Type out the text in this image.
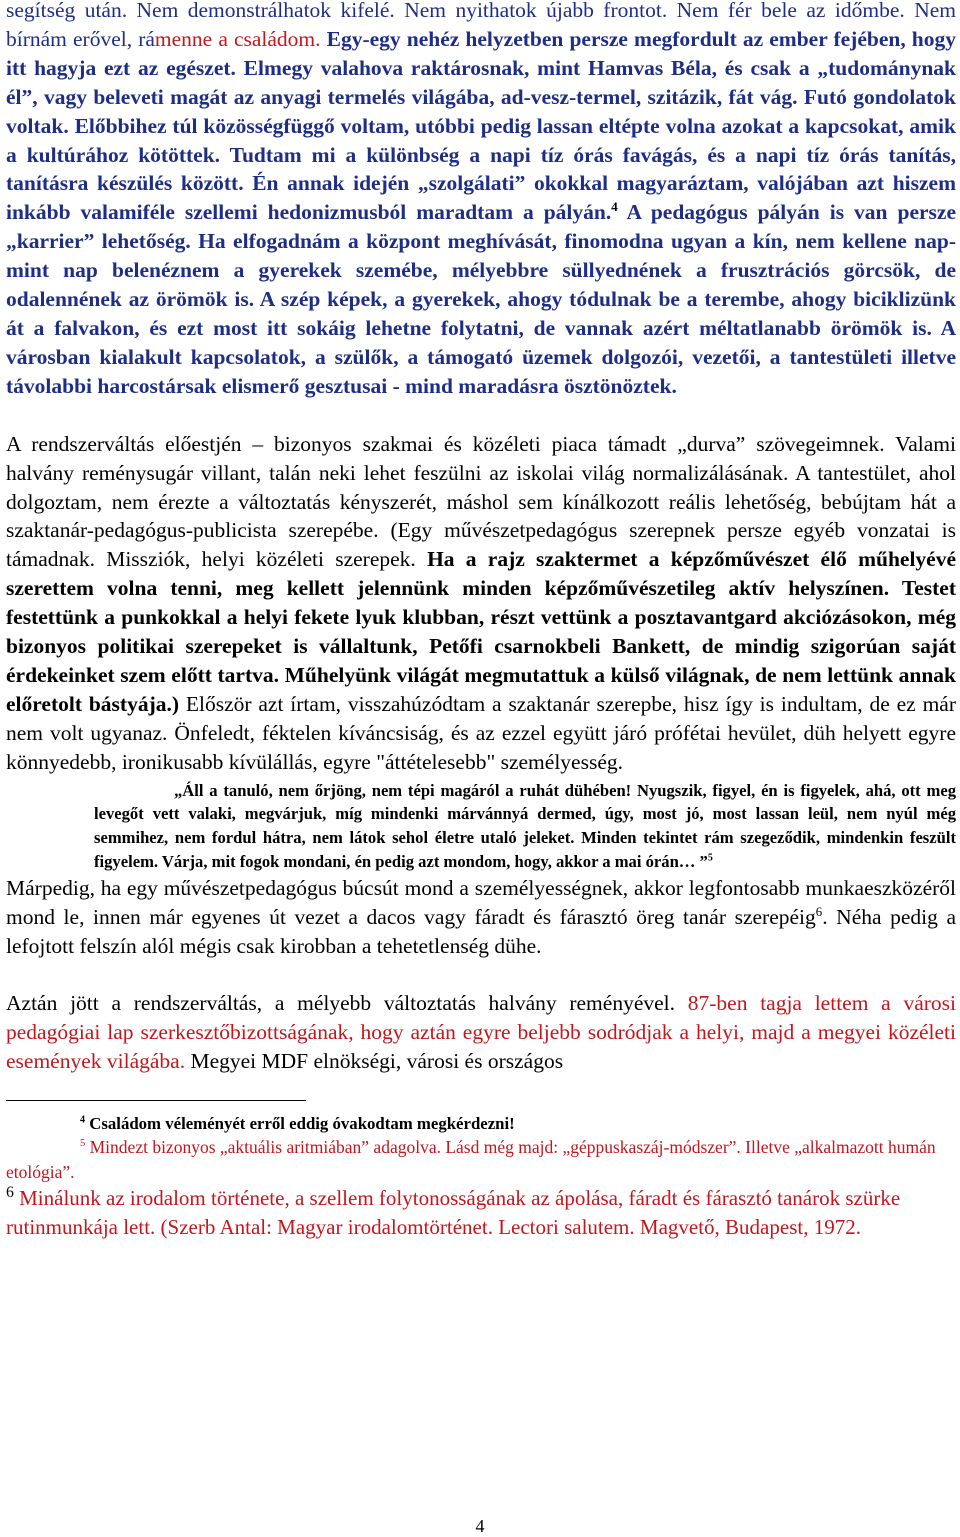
segítség után. Nem demonstrálhatok kifelé. Nem nyithatok újabb frontot. Nem fér bele az időmbe. Nem bírnám erővel, rámenne a családom. Egy-egy nehéz helyzetben persze megfordult az ember fejében, hogy itt hagyja ezt az egészet. Elmegy valahova raktárosnak, mint Hamvas Béla, és csak a „tudománynak él”, vagy beleveti magát az anyagi termelés világába, ad-vesz-termel, szitázik, fát vág. Futó gondolatok voltak. Előbbihez túl közösségfüggő voltam, utóbbi pedig lassan eltépte volna azokat a kapcsokat, amik a kultúrához kötöttek. Tudtam mi a különbség a napi tíz órás favágás, és a napi tíz órás tanítás, tanításra készülés között. Én annak idején „szolgálati” okokkal magyaráztam, valójában azt hiszem inkább valamiféle szellemi hedonizmusból maradtam a pályán.$^4$ A pedagógus pályán is van persze „karrier” lehetőség. Ha elfogadnám a központ meghívását, finomodna ugyan a kín, nem kellene nap-mint nap belenéznem a gyerekek szemébe, mélyebbre süllyednének a frusztrációs görcsök, de odalennének az örömök is. A szép képek, a gyerekek, ahogy tódulnak be a terembe, ahogy biciklizünk át a falvakon, és ezt most itt sokáig lehetne folytatni, de vannak azért méltatlanabb örömök is. A városban kialakult kapcsolatok, a szülők, a támogató üzemek dolgozói, vezetői, a tantestületi illetve távolabbi harcostársak elismerő gesztusai - mind maradásra ösztönöztek.

A rendszerváltás előestjén – bizonyos szakmai és közéleti piaca támadt „durva” szövegeimnek. Valami halvány reménysugár villant, talán neki lehet feszülni az iskolai világ normalizálásának. A tantestület, ahol dolgoztam, nem érezte a változtatás kényszerét, máshol sem kínálkozott reális lehetőség, bebújtam hát a szaktanár-pedagógus-publicista szerepébe. (Egy művészetpedagógus szerepnek persze egyéb vonzatai is támadnak. Missziók, helyi közéleti szerepek. Ha a rajz szaktermet a képzőművészet élő műhelyévé szerettem volna tenni, meg kellett jelennünk minden képzőművészetileg aktív helyszínen. Testet festettünk a punkokkal a helyi fekete lyuk klubban, részt vettünk a posztavantgard akciózásokon, még bizonyos politikai szerepeket is vállaltunk, Petőfi csarnokbeli Bankett, de mindig szigorúan saját érdekeinket szem előtt tartva. Műhelyünk világát megmutattuk a külső világnak, de nem lettünk annak előretolt bástyája.) Először azt írtam, visszahúzódtam a szaktanár szerepbe, hisz így is indultam, de ez már nem volt ugyanaz. Önfeledt, féktelen kíváncsiság, és az ezzel együtt járó prófétai hevület, düh helyett egyre könnyedebb, ironikusabb kívülállás, egyre "áttételesebb" személyesség.

„Áll a tanuló, nem őrjöng, nem tépi magáról a ruhát dühében! Nyugszik, figyel, én is figyelek, ahá, ott meg levegőt vett valaki, megvárjuk, míg mindenki márvánnyá dermed, úgy, most jó, most lassan leül, nem nyúl még semmihez, nem fordul hátra, nem látok sehol életre utaló jeleket. Minden tekintet rám szegeződik, mindenkin feszült figyelem. Várja, mit fogok mondani, én pedig azt mondom, hogy, akkor a mai órán… ”$^5$

Márpedig, ha egy művészetpedagógus búcsút mond a személyességnek, akkor legfontosabb munkaeszközéről mond le, innen már egyenes út vezet a dacos vagy fáradt és fárasztó öreg tanár szerepéig$^6$. Néha pedig a lefojtott felszín alól mégis csak kirobban a tehetetlenség dühe.

Aztán jött a rendszerváltás, a mélyebb változtatás halvány reményével. 87-ben tagja lettem a városi pedagógiai lap szerkesztőbizottságának, hogy aztán egyre beljebb sodródjak a helyi, majd a megyei közéleti események világába. Megyei MDF elnökségi, városi és országos

$^4$ Családom véleményét erről eddig óvakodtam megkérdezni!

$^5$ Mindezt bizonyos „aktuális aritmiában” adagolva. Lásd még majd: „géppuskaszáj-módszer”. Illetve „alkalmazott humán etológia”.

$^6$ Minálunk az irodalom története, a szellem folytonosságának az ápolása, fáradt és fárasztó tanárok szürke rutinmunkája lett. (Szerb Antal: Magyar irodalomtörténet. Lectori salutem. Magvető, Budapest, 1972.

4
